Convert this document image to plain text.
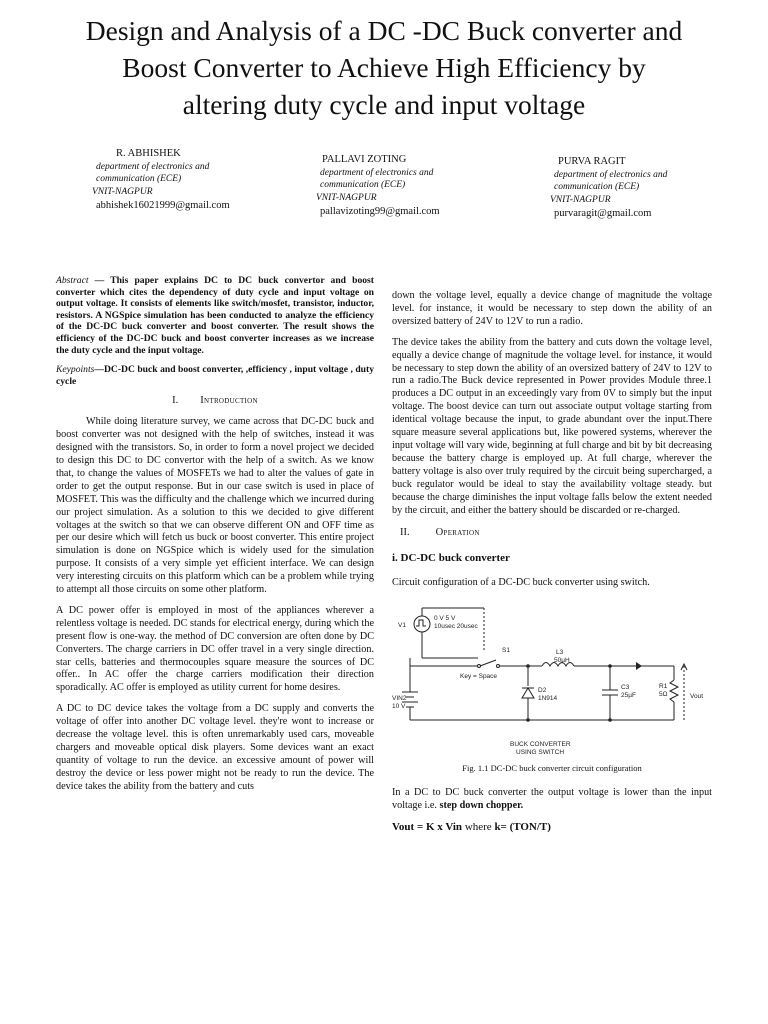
Design and Analysis of a DC -DC Buck converter and
Boost Converter to Achieve High Efficiency by
altering duty cycle and input voltage
R. ABHISHEK
department of electronics and
communication (ECE)
VNIT-NAGPUR
abhishek16021999@gmail.com
PALLAVI ZOTING
department of electronics and
communication (ECE)
VNIT-NAGPUR
pallavizoting99@gmail.com
PURVA RAGIT
department of electronics and
communication (ECE)
VNIT-NAGPUR
purvaragit@gmail.com

Abstract — This paper explains DC to DC buck convertor and boost converter which cites the dependency of duty cycle and input voltage on output voltage. It consists of elements like switch/mosfet, transistor, inductor, resistors. A NGSpice simulation has been conducted to analyze the efficiency of the DC-DC buck converter and boost converter. The result shows the efficiency of the DC-DC buck and boost converter increases as we increase the duty cycle and the input voltage.

Keypoints—DC-DC buck and boost converter, ,efficiency , input voltage , duty cycle

I. Introduction

While doing literature survey, we came across that DC-DC buck and boost converter was not designed with the help of switches, instead it was designed with the transistors. So, in order to form a novel project we decided to design this DC to DC convertor with the help of a switch. As we know that, to change the values of MOSFETs we had to alter the values of gate in order to get the output response. But in our case switch is used in place of MOSFET. This was the difficulty and the challenge which we incurred during our project simulation. As a solution to this we decided to give different voltages at the switch so that we can observe different ON and OFF time as per our desire which will fetch us buck or boost converter. This entire project simulation is done on NGSpice which is widely used for the simulation purpose. It consists of a very simple yet efficient interface. We can design very interesting circuits on this platform which can be a problem while trying to attempt all those circuits on some other platform.

A DC power offer is employed in most of the appliances wherever a relentless voltage is needed. DC stands for electrical energy, during which the present flow is one-way. the method of DC conversion are often done by DC Converters. The charge carriers in DC offer travel in a very single direction. star cells, batteries and thermocouples square measure the sources of DC offer.. In AC offer the charge carriers modification their direction sporadically. AC offer is employed as utility current for home desires.

A DC to DC device takes the voltage from a DC supply and converts the voltage of offer into another DC voltage level. they're wont to increase or decrease the voltage level. this is often unremarkably used cars, moveable chargers and moveable optical disk players. Some devices want an exact quantity of voltage to run the device. an excessive amount of power will destroy the device or less power might not be ready to run the device. The device takes the ability from the battery and cuts

down the voltage level, equally a device change of magnitude the voltage level. for instance, it would be necessary to step down the ability of an oversized battery of 24V to 12V to run a radio.

The device takes the ability from the battery and cuts down the voltage level, equally a device change of magnitude the voltage level. for instance, it would be necessary to step down the ability of an oversized battery of 24V to 12V to run a radio.The Buck device represented in Power provides Module three.1 produces a DC output in an exceedingly vary from 0V to simply but the input voltage. The boost device can turn out associate output voltage starting from identical voltage because the input, to grade abundant over the input.There square measure several applications but, like powered systems, wherever the input voltage will vary wide, beginning at full charge and bit by bit decreasing because the battery charge is employed up. At full charge, wherever the battery voltage is also over truly required by the circuit being supercharged, a buck regulator would be ideal to stay the availability voltage steady. but because the charge diminishes the input voltage falls below the extent needed by the circuit, and either the battery should be discarded or re-charged.

II. Operation
i. DC-DC buck converter
Circuit configuration of a DC-DC buck converter using switch.
V1
0 V 5 V
10usec 20usec
S1
Key = Space
L3
50µH
VIN2
10 V
D2
1N914
C3
25µF
R1
5Ω	Vout
BUCK CONVERTER
USING SWITCH
Fig. 1.1 DC-DC buck converter circuit configuration

In a DC to DC buck converter the output voltage is lower than the input voltage i.e. step down chopper.

Vout = K x Vin where k= (TON/T)
